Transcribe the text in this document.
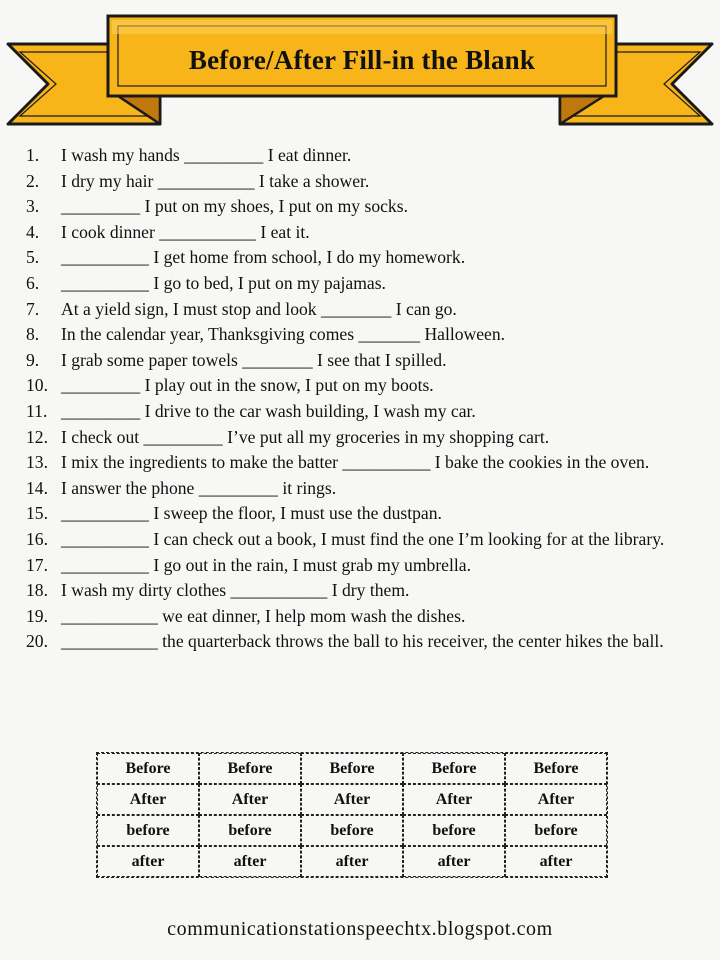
Before/After Fill-in the Blank
1.	I wash my hands _________ I eat dinner.
2.	I dry my hair ___________ I take a shower.
3.	_________ I put on my shoes, I put on my socks.
4.	I cook dinner ___________ I eat it.
5.	__________ I get home from school, I do my homework.
6.	__________ I go to bed, I put on my pajamas.
7.	At a yield sign, I must stop and look ________ I can go.
8.	In the calendar year, Thanksgiving comes _______ Halloween.
9.	I grab some paper towels ________ I see that I spilled.
10. _________ I play out in the snow, I put on my boots.
11. _________ I drive to the car wash building, I wash my car.
12. I check out _________ I’ve put all my groceries in my shopping cart.
13. I mix the ingredients to make the batter __________ I bake the cookies in the oven.
14. I answer the phone _________ it rings.
15. __________ I sweep the floor, I must use the dustpan.
16. __________ I can check out a book, I must find the one I’m looking for at the library.
17. __________ I go out in the rain, I must grab my umbrella.
18. I wash my dirty clothes ___________ I dry them.
19. ___________ we eat dinner, I help mom wash the dishes.
20. ___________ the quarterback throws the ball to his receiver, the center hikes the ball.
Before	Before	Before	Before	Before
After	After	After	After	After
before	before	before	before	before
after	after	after	after	after
communicationstationspeechtx.blogspot.com
